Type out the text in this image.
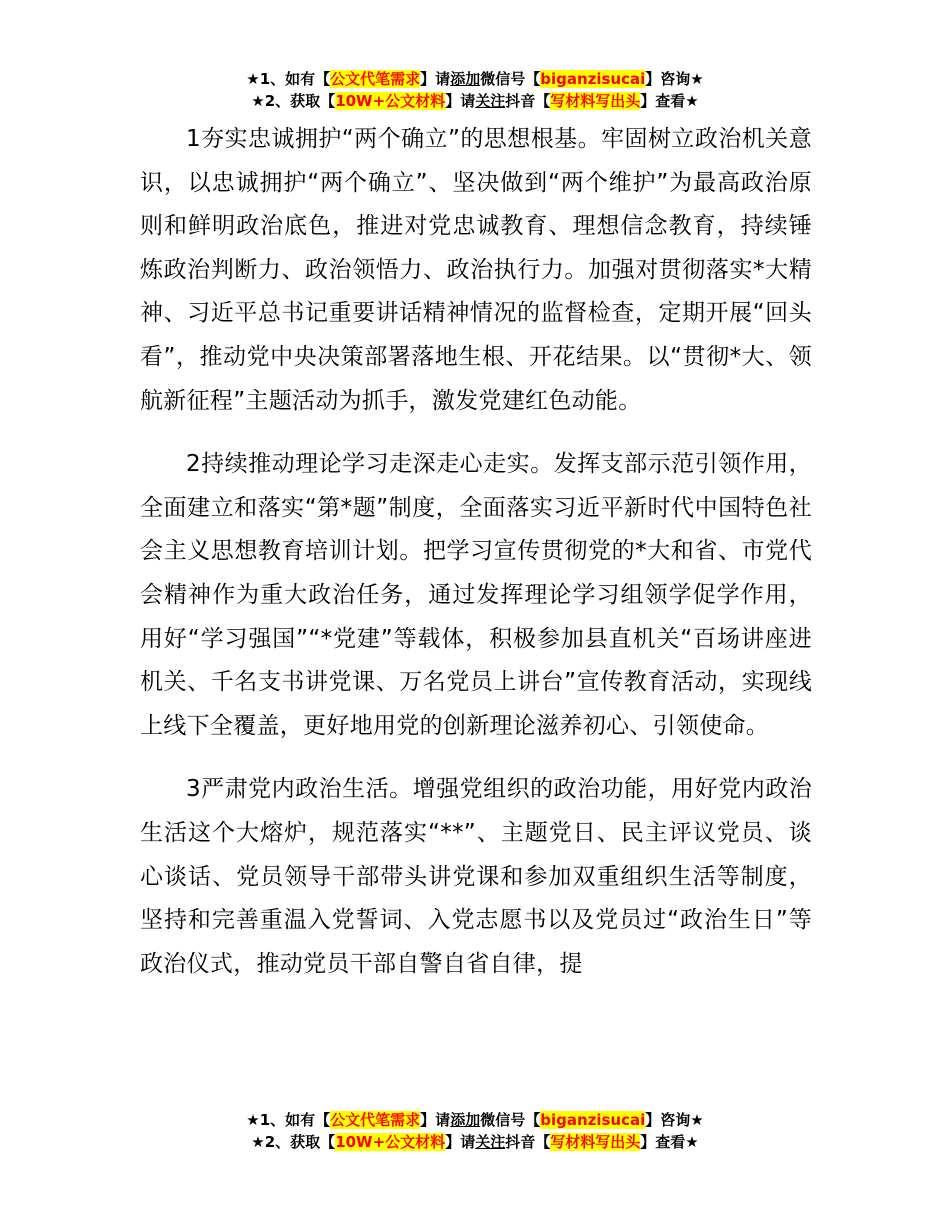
★1、如有【公文代笔需求】请添加微信号【biganzisucai】咨询★
★2、获取【10W+公文材料】请关注抖音【写材料写出头】查看★

1夯实忠诚拥护“两个确立”的思想根基。牢固树立政治机关意识，以忠诚拥护“两个确立”、坚决做到“两个维护”为最高政治原则和鲜明政治底色，推进对党忠诚教育、理想信念教育，持续锤炼政治判断力、政治领悟力、政治执行力。加强对贯彻落实*大精神、习近平总书记重要讲话精神情况的监督检查，定期开展“回头看”，推动党中央决策部署落地生根、开花结果。以“贯彻*大、领航新征程”主题活动为抓手，激发党建红色动能。

2持续推动理论学习走深走心走实。发挥支部示范引领作用，全面建立和落实“第*题”制度，全面落实习近平新时代中国特色社会主义思想教育培训计划。把学习宣传贯彻党的*大和省、市党代会精神作为重大政治任务，通过发挥理论学习组领学促学作用，用好“学习强国”“*党建”等载体，积极参加县直机关“百场讲座进机关、千名支书讲党课、万名党员上讲台”宣传教育活动，实现线上线下全覆盖，更好地用党的创新理论滋养初心、引领使命。

3严肃党内政治生活。增强党组织的政治功能，用好党内政治生活这个大熔炉，规范落实“**”、主题党日、民主评议党员、谈心谈话、党员领导干部带头讲党课和参加双重组织生活等制度，坚持和完善重温入党誓词、入党志愿书以及党员过“政治生日”等政治仪式，推动党员干部自警自省自律，提

★1、如有【公文代笔需求】请添加微信号【biganzisucai】咨询★
★2、获取【10W+公文材料】请关注抖音【写材料写出头】查看★
